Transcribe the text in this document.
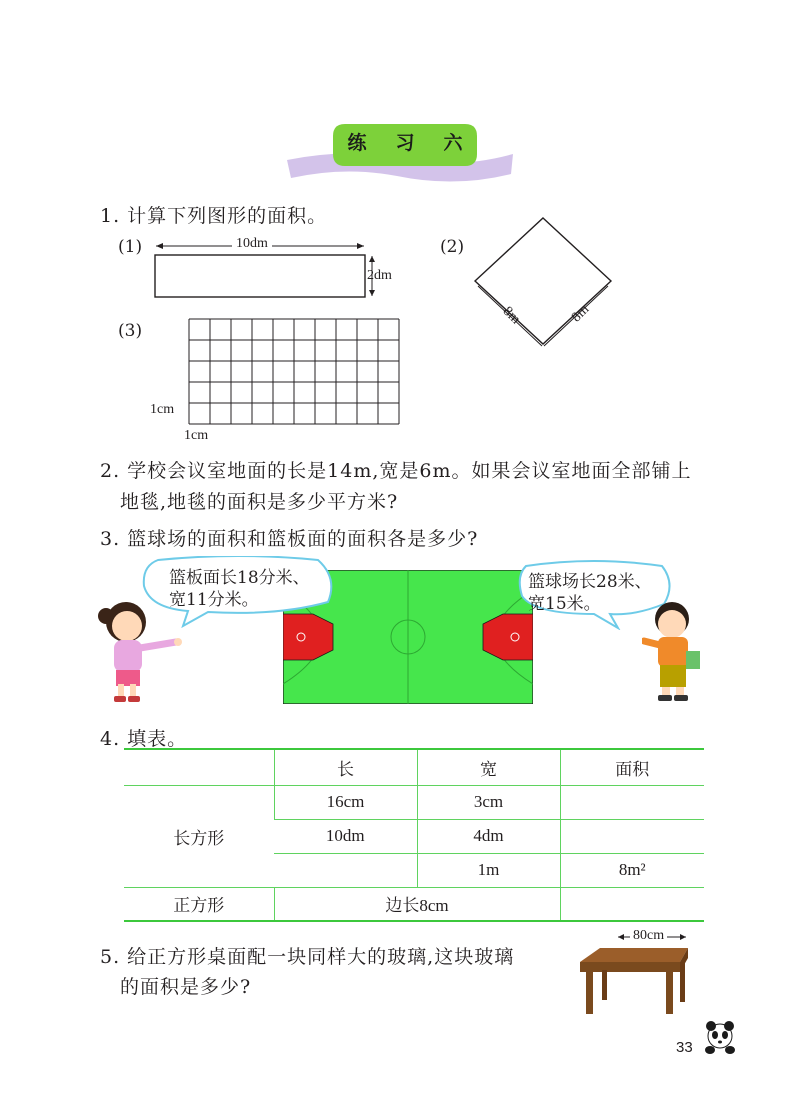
练 习 六
1. 计算下列图形的面积。
(1)	10dm
2dm
(2)
8m	8m
(3)
1cm
1cm
2. 学校会议室地面的长是14m,宽是6m。如果会议室地面全部铺上
地毯,地毯的面积是多少平方米?
3. 篮球场的面积和篮板面的面积各是多少?
篮板面长18分米、
宽11分米。
篮球场长28米、
宽15米。
4. 填表。
	长	宽	面积
长方形	16cm	3cm	
	10dm	4dm	
		1m	8m²
正方形	边长8cm		
5. 给正方形桌面配一块同样大的玻璃,这块玻璃
的面积是多少?
80cm
33
